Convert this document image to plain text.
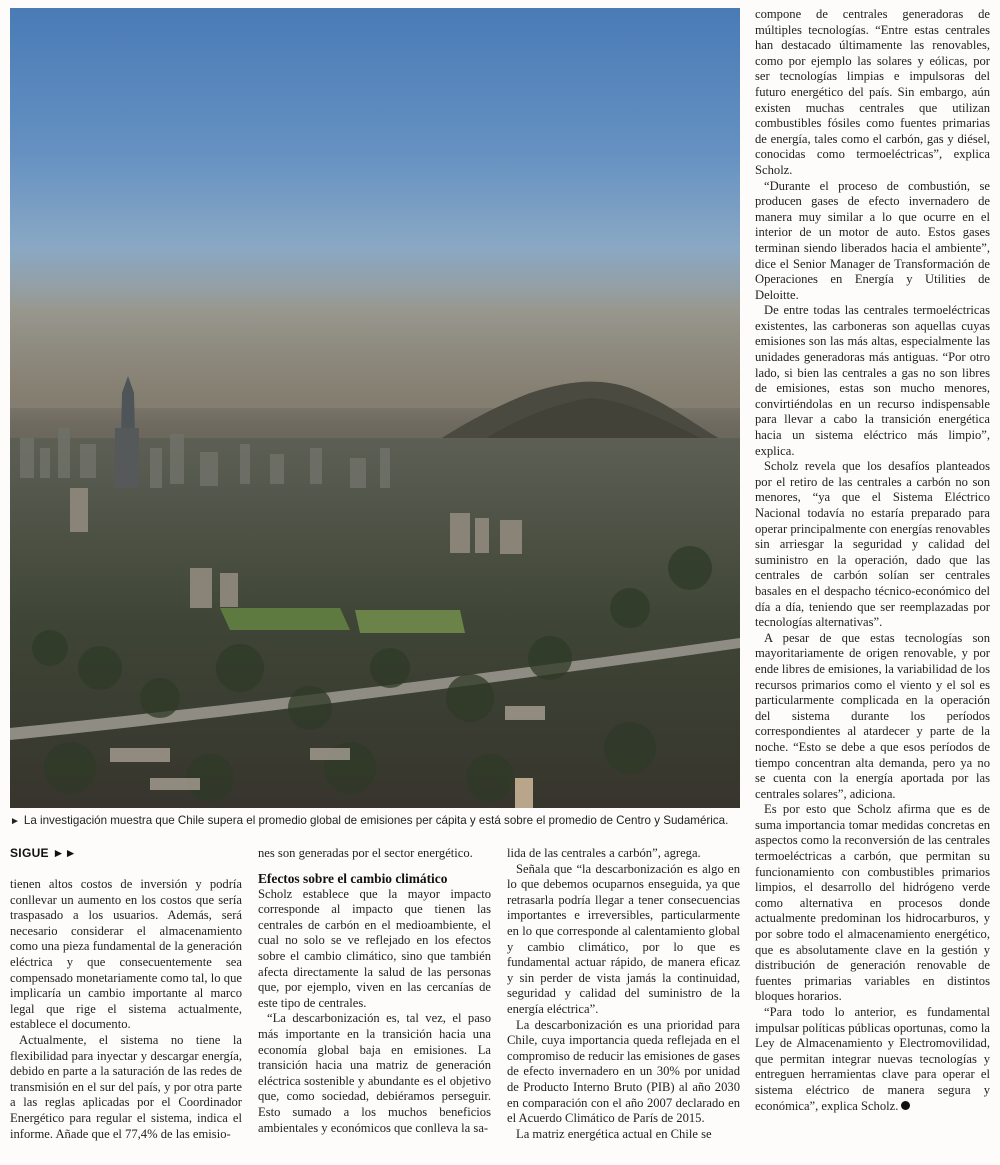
► La investigación muestra que Chile supera el promedio global de emisiones per cápita y está sobre el promedio de Centro y Sudamérica.
SIGUE ►►

tienen altos costos de inversión y podría conllevar un aumento en los costos que sería traspasado a los usuarios. Además, será necesario considerar el almacenamiento como una pieza fundamental de la generación eléctrica y que consecuentemente sea compensado monetariamente como tal, lo que implicaría un cambio importante al marco legal que rige el sistema actualmente, establece el documento.

Actualmente, el sistema no tiene la flexibilidad para inyectar y descargar energía, debido en parte a la saturación de las redes de transmisión en el sur del país, y por otra parte a las reglas aplicadas por el Coordinador Energético para regular el sistema, indica el informe. Añade que el 77,4% de las emisio-

nes son generadas por el sector energético.

Efectos sobre el cambio climático

Scholz establece que la mayor impacto corresponde al impacto que tienen las centrales de carbón en el medioambiente, el cual no solo se ve reflejado en los efectos sobre el cambio climático, sino que también afecta directamente la salud de las personas que, por ejemplo, viven en las cercanías de este tipo de centrales.

“La descarbonización es, tal vez, el paso más importante en la transición hacia una economía global baja en emisiones. La transición hacia una matriz de generación eléctrica sostenible y abundante es el objetivo que, como sociedad, debiéramos perseguir. Esto sumado a los muchos beneficios ambientales y económicos que conlleva la sa-

lida de las centrales a carbón”, agrega.

Señala que “la descarbonización es algo en lo que debemos ocuparnos enseguida, ya que retrasarla podría llegar a tener consecuencias importantes e irreversibles, particularmente en lo que corresponde al calentamiento global y cambio climático, por lo que es fundamental actuar rápido, de manera eficaz y sin perder de vista jamás la continuidad, seguridad y calidad del suministro de la energía eléctrica”.

La descarbonización es una prioridad para Chile, cuya importancia queda reflejada en el compromiso de reducir las emisiones de gases de efecto invernadero en un 30% por unidad de Producto Interno Bruto (PIB) al año 2030 en comparación con el año 2007 declarado en el Acuerdo Climático de París de 2015.

La matriz energética actual en Chile se

compone de centrales generadoras de múltiples tecnologías. “Entre estas centrales han destacado últimamente las renovables, como por ejemplo las solares y eólicas, por ser tecnologías limpias e impulsoras del futuro energético del país. Sin embargo, aún existen muchas centrales que utilizan combustibles fósiles como fuentes primarias de energía, tales como el carbón, gas y diésel, conocidas como termoeléctricas”, explica Scholz.

“Durante el proceso de combustión, se producen gases de efecto invernadero de manera muy similar a lo que ocurre en el interior de un motor de auto. Estos gases terminan siendo liberados hacia el ambiente”, dice el Senior Manager de Transformación de Operaciones en Energía y Utilities de Deloitte.

De entre todas las centrales termoeléctricas existentes, las carboneras son aquellas cuyas emisiones son las más altas, especialmente las unidades generadoras más antiguas. “Por otro lado, si bien las centrales a gas no son libres de emisiones, estas son mucho menores, convirtiéndolas en un recurso indispensable para llevar a cabo la transición energética hacia un sistema eléctrico más limpio”, explica.

Scholz revela que los desafíos planteados por el retiro de las centrales a carbón no son menores, “ya que el Sistema Eléctrico Nacional todavía no estaría preparado para operar principalmente con energías renovables sin arriesgar la seguridad y calidad del suministro en la operación, dado que las centrales de carbón solían ser centrales basales en el despacho técnico-económico del día a día, teniendo que ser reemplazadas por tecnologías alternativas”.

A pesar de que estas tecnologías son mayoritariamente de origen renovable, y por ende libres de emisiones, la variabilidad de los recursos primarios como el viento y el sol es particularmente complicada en la operación del sistema durante los períodos correspondientes al atardecer y parte de la noche. “Esto se debe a que esos períodos de tiempo concentran alta demanda, pero ya no se cuenta con la energía aportada por las centrales solares”, adiciona.

Es por esto que Scholz afirma que es de suma importancia tomar medidas concretas en aspectos como la reconversión de las centrales termoeléctricas a carbón, que permitan su funcionamiento con combustibles primarios limpios, el desarrollo del hidrógeno verde como alternativa en procesos donde actualmente predominan los hidrocarburos, y por sobre todo el almacenamiento energético, que es absolutamente clave en la gestión y distribución de generación renovable de fuentes primarias variables en distintos bloques horarios.

“Para todo lo anterior, es fundamental impulsar políticas públicas oportunas, como la Ley de Almacenamiento y Electromovilidad, que permitan integrar nuevas tecnologías y entreguen herramientas clave para operar el sistema eléctrico de manera segura y económica”, explica Scholz.
